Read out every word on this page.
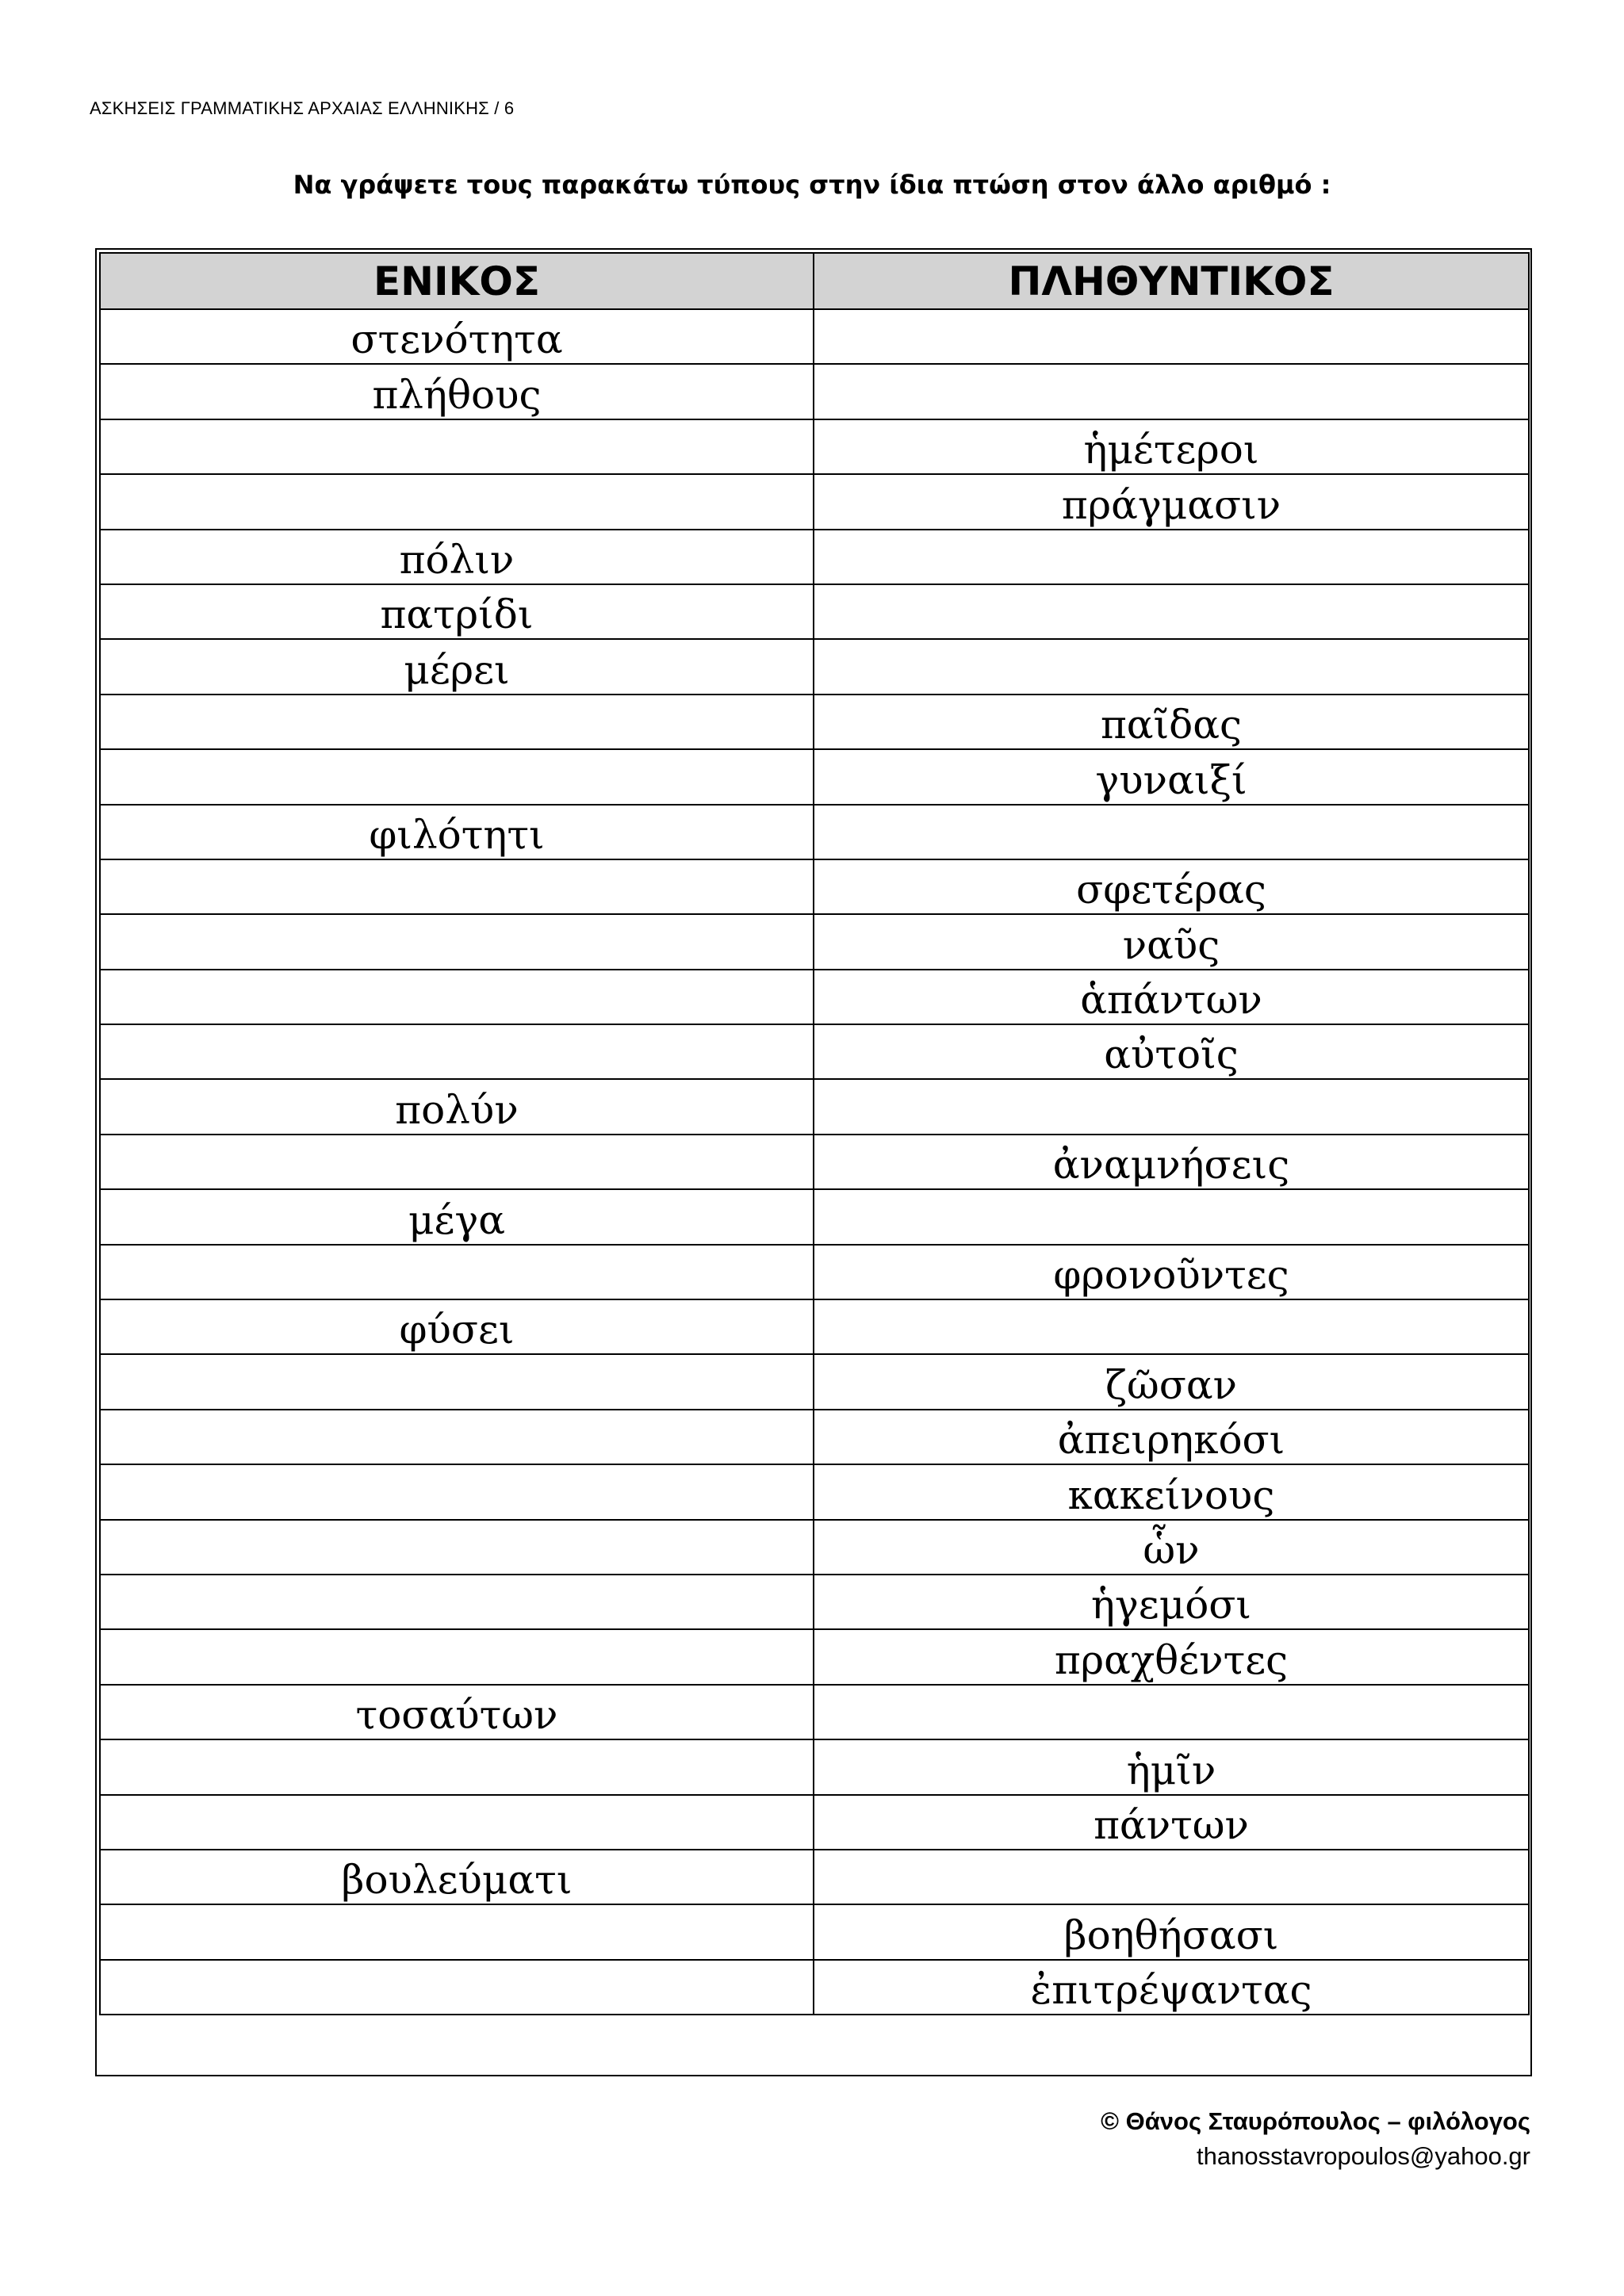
ΑΣΚΗΣΕΙΣ ΓΡΑΜΜΑΤΙΚΗΣ ΑΡΧΑΙΑΣ ΕΛΛΗΝΙΚΗΣ / 6
Να γράψετε τους παρακάτω τύπους στην ίδια πτώση στον άλλο αριθμό :
ΕΝΙΚΟΣ	ΠΛΗΘΥΝΤΙΚΟΣ
στενότητα	
πλήθους	
	ἡμέτεροι
	πράγμασιν
πόλιν	
πατρίδι	
μέρει	
	παῖδας
	γυναιξί
φιλότητι	
	σφετέρας
	ναῦς
	ἁπάντων
	αὐτοῖς
πολύν	
	ἀναμνήσεις
μέγα	
	φρονοῦντες
φύσει	
	ζῶσαν
	ἀπειρηκόσι
	κακείνους
	ὧν
	ἡγεμόσι
	πραχθέντες
τοσαύτων	
	ἡμῖν
	πάντων
βουλεύματι	
	βοηθήσασι
	ἐπιτρέψαντας
© Θάνος Σταυρόπουλος – φιλόλογος
thanosstavropoulos@yahoo.gr
